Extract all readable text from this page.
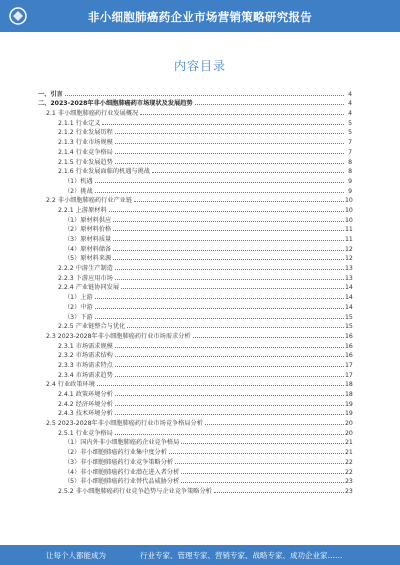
非小细胞肺癌药企业市场营销策略研究报告
内容目录
一、引言	4
二、2023-2028年非小细胞肺癌药市场现状及发展趋势	4
2.1 非小细胞肺癌药行业发展概况	4
2.1.1 行业定义	5
2.1.2 行业发展历程	5
2.1.3 行业市场规模	7
2.1.4 行业竞争格局	7
2.1.5 行业发展趋势	8
2.1.6 行业发展面临的机遇与挑战	8
（1）机遇	9
（2）挑战	9
2.2 非小细胞肺癌药行业产业链	10
2.2.1 上游原材料	10
（1）原材料供应	10
（2）原材料价格	11
（3）原材料质量	11
（4）原材料储备	12
（5）原材料来源	12
2.2.2 中游生产制造	13
2.2.3 下游应用市场	13
2.2.4 产业链协同发展	14
（1）上游	14
（2）中游	14
（3）下游	15
2.2.5 产业链整合与优化	15
2.3 2023-2028年非小细胞肺癌药行业市场需求分析	16
2.3.1 市场需求规模	16
2.3.2 市场需求结构	16
2.3.3 市场需求特点	17
2.3.4 市场需求趋势	17
2.4 行业政策环境	18
2.4.1 政策环境分析	18
2.4.2 经济环境分析	19
2.4.3 技术环境分析	19
2.5 2023-2028年非小细胞肺癌药行业市场竞争格局分析	20
2.5.1 行业竞争格局	20
（1）国内外非小细胞肺癌药企业竞争格局	21
（2）非小细胞肺癌药行业集中度分析	21
（3）非小细胞肺癌药行业竞争策略分析	22
（4）非小细胞肺癌药行业潜在进入者分析	22
（5）非小细胞肺癌药行业替代品威胁分析	23
2.5.2 非小细胞肺癌药行业竞争趋势与企业竞争策略分析	23
让每个人都能成为	行业专家、管理专家、营销专家、战略专家、成功企业家……
